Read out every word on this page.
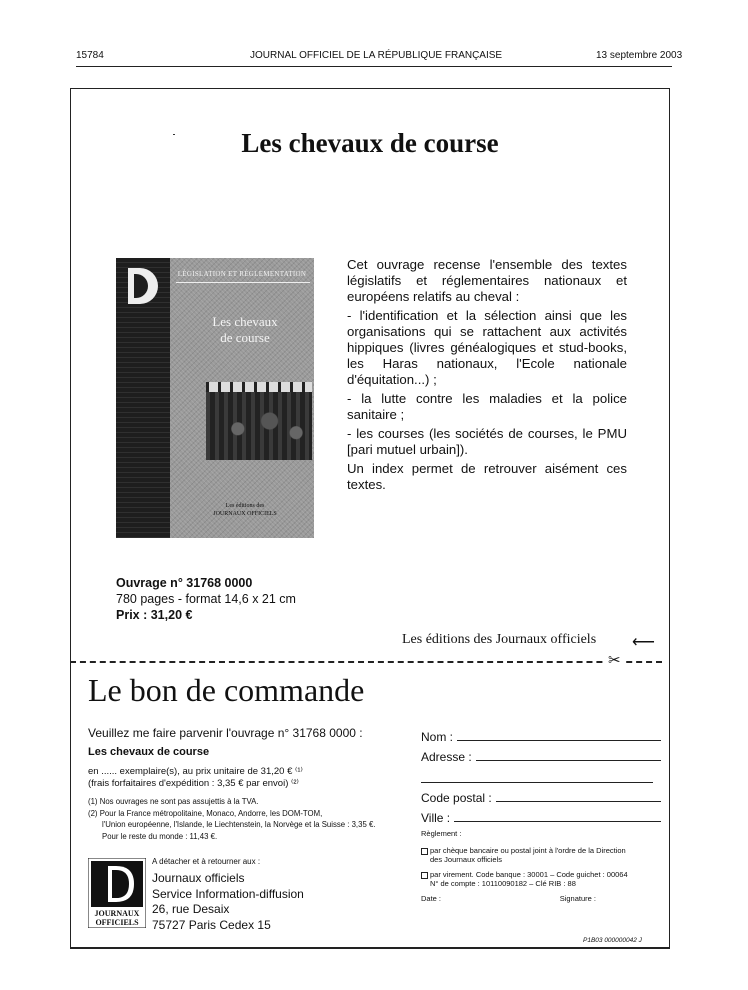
15784	JOURNAL OFFICIEL DE LA RÉPUBLIQUE FRANÇAISE	13 septembre 2003
Les chevaux de course
LÉGISLATION ET RÉGLEMENTATION
Les chevaux
de course
Les éditions des
JOURNAUX OFFICIELS

Cet ouvrage recense l'ensemble des textes législatifs et réglementaires nationaux et européens relatifs au cheval :

- l'identification et la sélection ainsi que les organisations qui se rattachent aux activités hippiques (livres généalogiques et stud-books, les Haras nationaux, l'Ecole nationale d'équitation...) ;

- la lutte contre les maladies et la police sanitaire ;

- les courses (les sociétés de courses, le PMU [pari mutuel urbain]).

Un index permet de retrouver aisément ces textes.

Ouvrage n° 31768 0000
780 pages - format 14,6 x 21 cm
Prix : 31,20 €
Les éditions des Journaux officiels ⟵
✂
Le bon de commande
Veuillez me faire parvenir l'ouvrage n° 31768 0000 :
Les chevaux de course
en ...... exemplaire(s), au prix unitaire de 31,20 € ⁽¹⁾
(frais forfaitaires d'expédition : 3,35 € par envoi) ⁽²⁾
(1) Nos ouvrages ne sont pas assujettis à la TVA.
(2) Pour la France métropolitaine, Monaco, Andorre, les DOM-TOM,
l'Union européenne, l'Islande, le Liechtenstein, la Norvège et la Suisse : 3,35 €.
Pour le reste du monde : 11,43 €.
JOURNAUX
OFFICIELS
A détacher et à retourner aux :
Journaux officiels
Service Information-diffusion
26, rue Desaix
75727 Paris Cedex 15
Nom :
Adresse :
Code postal :
Ville :
Règlement :
par chèque bancaire ou postal joint à l'ordre de la Direction
des Journaux officiels
par virement. Code banque : 30001 – Code guichet : 00064
N° de compte : 10110090182 – Clé RIB : 88
Date :	Signature :
P1B03 000000042 J
